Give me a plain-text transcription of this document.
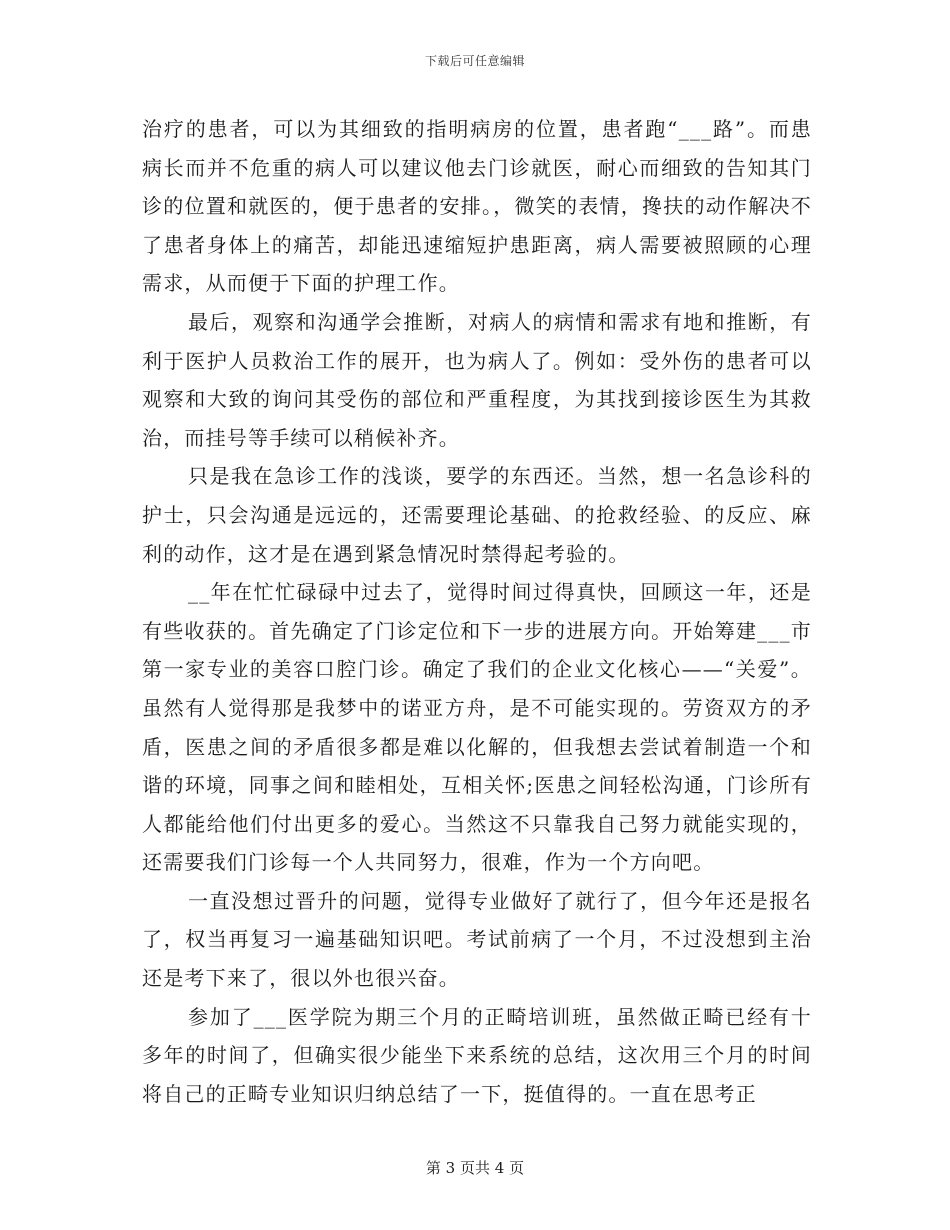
下载后可任意编辑

治疗的患者，可以为其细致的指明病房的位置，患者跑“___路”。而患病长而并不危重的病人可以建议他去门诊就医，耐心而细致的告知其门诊的位置和就医的，便于患者的安排。，微笑的表情，搀扶的动作解决不了患者身体上的痛苦，却能迅速缩短护患距离，病人需要被照顾的心理需求，从而便于下面的护理工作。

最后，观察和沟通学会推断，对病人的病情和需求有地和推断，有利于医护人员救治工作的展开，也为病人了。例如：受外伤的患者可以观察和大致的询问其受伤的部位和严重程度，为其找到接诊医生为其救治，而挂号等手续可以稍候补齐。

只是我在急诊工作的浅谈，要学的东西还。当然，想一名急诊科的护士，只会沟通是远远的，还需要理论基础、的抢救经验、的反应、麻利的动作，这才是在遇到紧急情况时禁得起考验的。

__年在忙忙碌碌中过去了，觉得时间过得真快，回顾这一年，还是有些收获的。首先确定了门诊定位和下一步的进展方向。开始筹建___市第一家专业的美容口腔门诊。确定了我们的企业文化核心——“关爱”。虽然有人觉得那是我梦中的诺亚方舟，是不可能实现的。劳资双方的矛盾，医患之间的矛盾很多都是难以化解的，但我想去尝试着制造一个和谐的环境，同事之间和睦相处，互相关怀;医患之间轻松沟通，门诊所有人都能给他们付出更多的爱心。当然这不只靠我自己努力就能实现的，还需要我们门诊每一个人共同努力，很难，作为一个方向吧。

一直没想过晋升的问题，觉得专业做好了就行了，但今年还是报名了，权当再复习一遍基础知识吧。考试前病了一个月，不过没想到主治还是考下来了，很以外也很兴奋。

参加了___医学院为期三个月的正畸培训班，虽然做正畸已经有十多年的时间了，但确实很少能坐下来系统的总结，这次用三个月的时间将自己的正畸专业知识归纳总结了一下，挺值得的。一直在思考正

第 3 页共 4 页
